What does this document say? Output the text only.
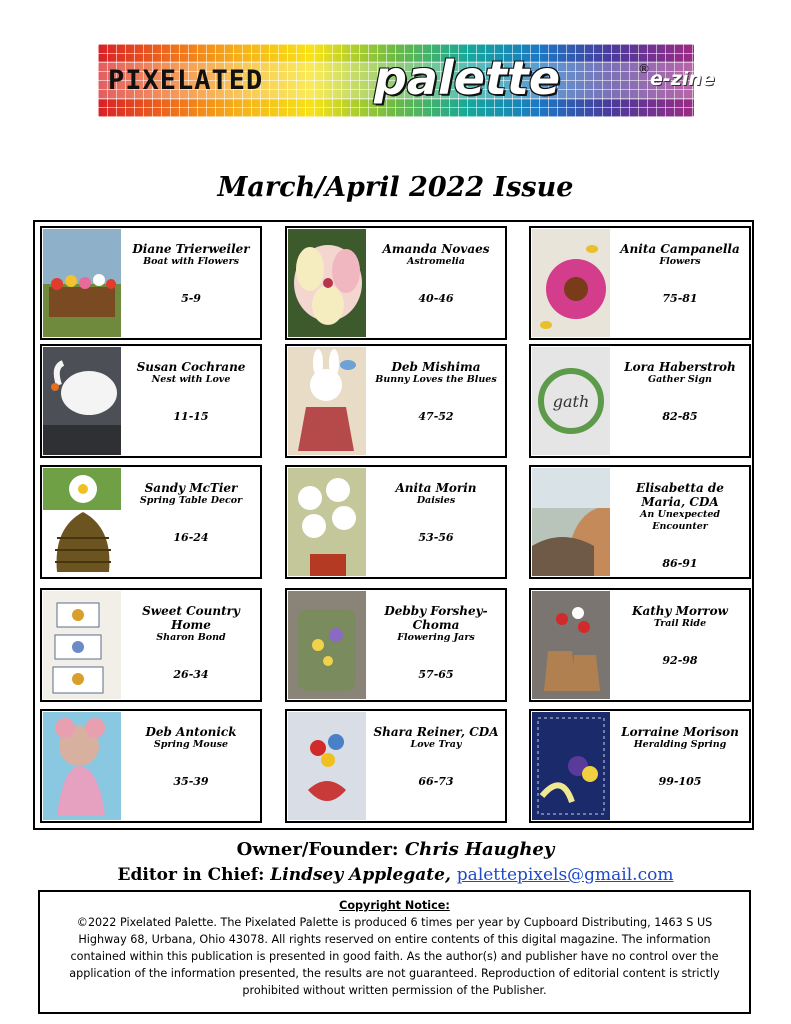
PIXELATED palette	® e-zine
March/April 2022 Issue
Diane Trierweiler
Boat with Flowers
5-9
Amanda Novaes
Astromelia
40-46
Anita Campanella
Flowers
75-81
Susan Cochrane
Nest with Love
11-15
Deb Mishima
Bunny Loves the Blues
47-52
gath
Lora Haberstroh
Gather Sign
82-85
Sandy McTier
Spring Table Decor
16-24
Anita Morin
Daisies
53-56
Elisabetta de Maria, CDA
An Unexpected Encounter
86-91
Sweet Country Home
Sharon Bond
26-34
Debby Forshey-Choma
Flowering Jars
57-65
Kathy Morrow
Trail Ride
92-98
Deb Antonick
Spring Mouse
35-39
Shara Reiner, CDA
Love Tray
66-73
Lorraine Morison
Heralding Spring
99-105
Owner/Founder: Chris Haughey
Editor in Chief: Lindsey Applegate, palettepixels@gmail.com
Copyright Notice:
©2022 Pixelated Palette. The Pixelated Palette is produced 6 times per year by Cupboard Distributing, 1463 S US Highway 68, Urbana, Ohio 43078. All rights reserved on entire contents of this digital magazine. The information contained within this publication is presented in good faith. As the author(s) and publisher have no control over the application of the information presented, the results are not guaranteed. Reproduction of editorial content is strictly prohibited without written permission of the Publisher.
